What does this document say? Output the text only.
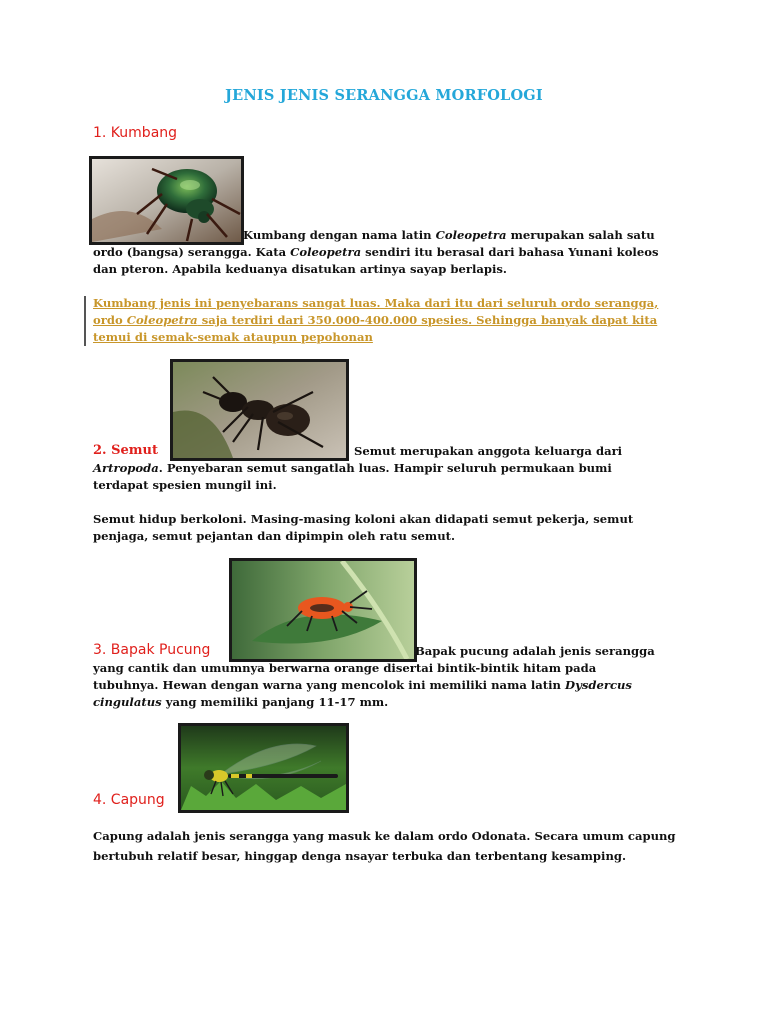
JENIS JENIS SERANGGA MORFOLOGI
1. Kumbang
Kumbang dengan nama latin Coleopetra merupakan salah satu
ordo (bangsa) serangga. Kata Coleopetra sendiri itu berasal dari bahasa Yunani koleos
dan pteron. Apabila keduanya disatukan artinya sayap berlapis.
Kumbang jenis ini penyebarans sangat luas. Maka dari itu dari seluruh ordo serangga,
ordo Coleopetra saja terdiri dari 350.000-400.000 spesies. Sehingga banyak dapat kita
temui di semak-semak ataupun pepohonan
2. Semut	Semut merupakan anggota keluarga dari
Artropoda. Penyebaran semut sangatlah luas. Hampir seluruh permukaan bumi
terdapat spesien mungil ini.
Semut hidup berkoloni. Masing-masing koloni akan didapati semut pekerja, semut
penjaga, semut pejantan dan dipimpin oleh ratu semut.
3. Bapak Pucung	Bapak pucung adalah jenis serangga
yang cantik dan umumnya berwarna orange disertai bintik-bintik hitam pada
tubuhnya. Hewan dengan warna yang mencolok ini memiliki nama latin Dysdercus
cingulatus yang memiliki panjang 11-17 mm.
4. Capung
Capung adalah jenis serangga yang masuk ke dalam ordo Odonata. Secara umum capung
bertubuh relatif besar, hinggap denga nsayar terbuka dan terbentang kesamping.
